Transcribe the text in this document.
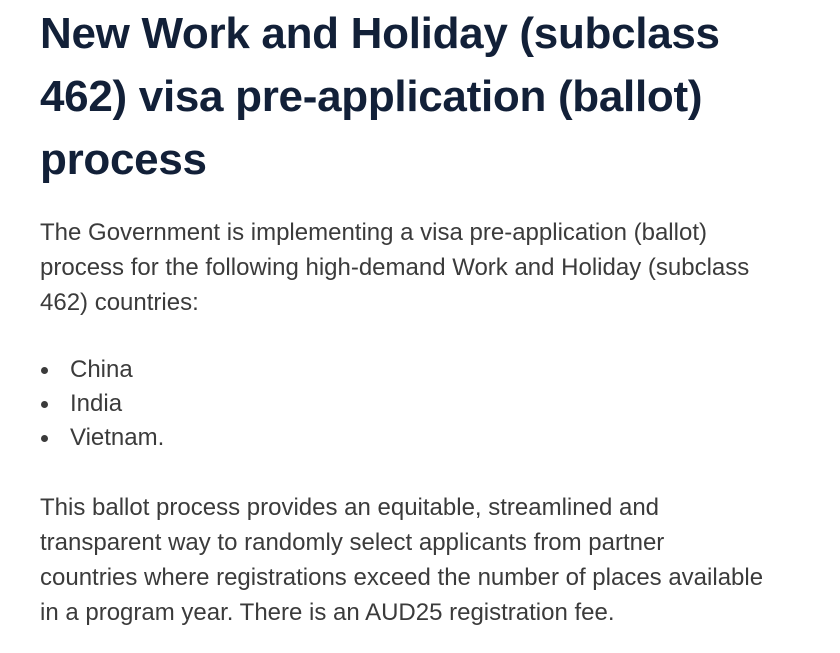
New Work and Holiday (subclass
462) visa pre-application (ballot)
process

The Government is implementing a visa pre-application (ballot)
process for the following high-demand Work and Holiday (subclass
462) countries:

China
India
Vietnam.

This ballot process provides an equitable, streamlined and
transparent way to randomly select applicants from partner
countries where registrations exceed the number of places available
in a program year. There is an AUD25 registration fee.
